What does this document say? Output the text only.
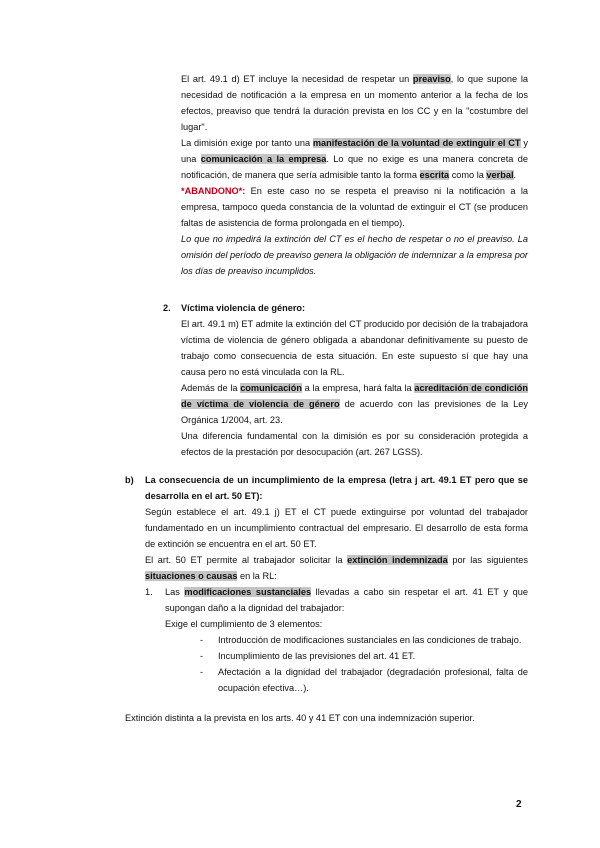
El art. 49.1 d) ET incluye la necesidad de respetar un preaviso, lo que supone la necesidad de notificación a la empresa en un momento anterior a la fecha de los efectos, preaviso que tendrá la duración prevista en los CC y en la "costumbre del lugar".

La dimisión exige por tanto una manifestación de la voluntad de extinguir el CT y una comunicación a la empresa. Lo que no exige es una manera concreta de notificación, de manera que sería admisible tanto la forma escrita como la verbal.

*ABANDONO*: En este caso no se respeta el preaviso ni la notificación a la empresa, tampoco queda constancia de la voluntad de extinguir el CT (se producen faltas de asistencia de forma prolongada en el tiempo).

Lo que no impedirá la extinción del CT es el hecho de respetar o no el preaviso. La omisión del período de preaviso genera la obligación de indemnizar a la empresa por los días de preaviso incumplidos.

2. Víctima violencia de género:

El art. 49.1 m) ET admite la extinción del CT producido por decisión de la trabajadora víctima de violencia de género obligada a abandonar definitivamente su puesto de trabajo como consecuencia de esta situación. En este supuesto sí que hay una causa pero no está vinculada con la RL.

Además de la comunicación a la empresa, hará falta la acreditación de condición de víctima de violencia de género de acuerdo con las previsiones de la Ley Orgánica 1/2004, art. 23.

Una diferencia fundamental con la dimisión es por su consideración protegida a efectos de la prestación por desocupación (art. 267 LGSS).

b) La consecuencia de un incumplimiento de la empresa (letra j art. 49.1 ET pero que se desarrolla en el art. 50 ET):

Según establece el art. 49.1 j) ET el CT puede extinguirse por voluntad del trabajador fundamentado en un incumplimiento contractual del empresario. El desarrollo de esta forma de extinción se encuentra en el art. 50 ET.

El art. 50 ET permite al trabajador solicitar la extinción indemnizada por las siguientes situaciones o causas en la RL:

1. Las modificaciones sustanciales llevadas a cabo sin respetar el art. 41 ET y que supongan daño a la dignidad del trabajador:

Exige el cumplimiento de 3 elementos:

- Introducción de modificaciones sustanciales en las condiciones de trabajo.

- Incumplimiento de las previsiones del art. 41 ET.

- Afectación a la dignidad del trabajador (degradación profesional, falta de ocupación efectiva…).

Extinción distinta a la prevista en los arts. 40 y 41 ET con una indemnización superior.

2
